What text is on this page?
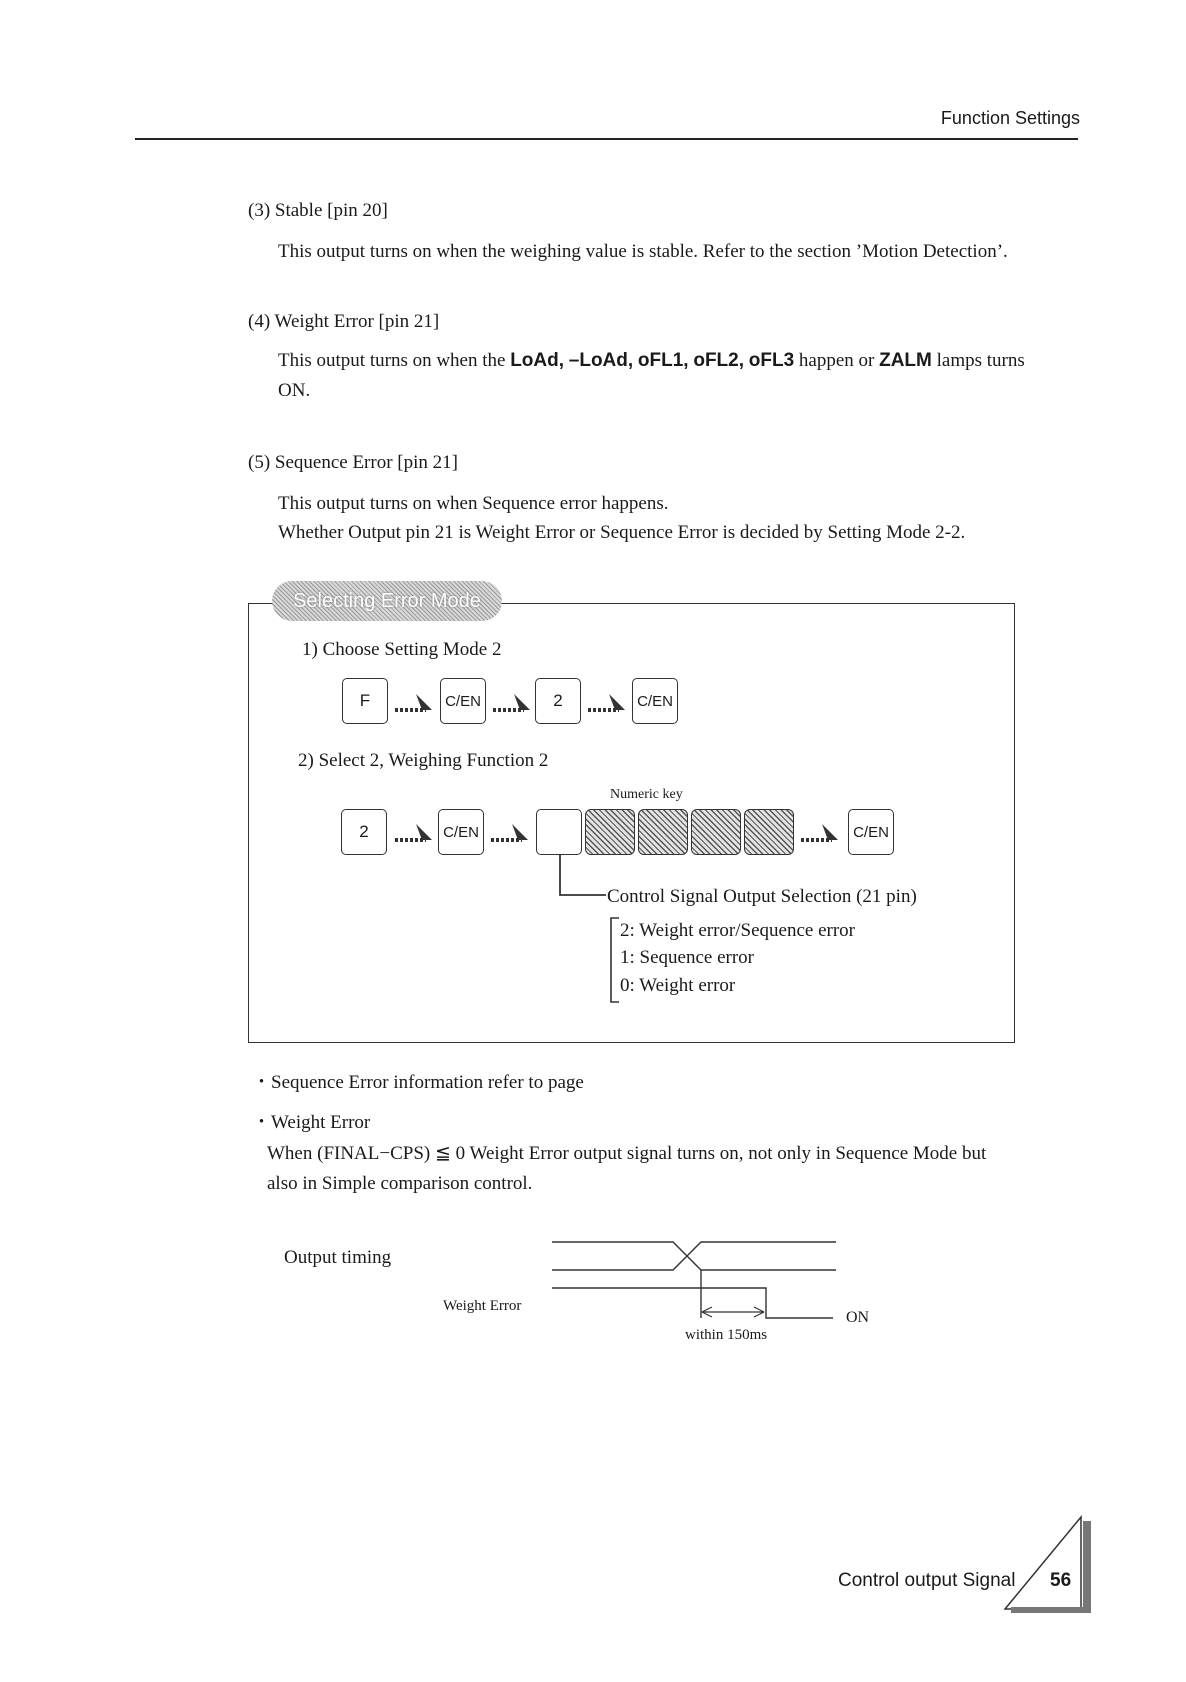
Function Settings
(3) Stable [pin 20]
This output turns on when the weighing value is stable. Refer to the section ’Motion Detection’.
(4) Weight Error [pin 21]
This output turns on when the LoAd, –LoAd, oFL1, oFL2, oFL3 happen or ZALM lamps turns
ON.
(5) Sequence Error [pin 21]
This output turns on when Sequence error happens.
Whether Output pin 21 is Weight Error or Sequence Error is decided by Setting Mode 2-2.
Selecting Error Mode
1) Choose Setting Mode 2
F	C/EN	2	C/EN
2) Select 2, Weighing Function 2
Numeric key
2	C/EN	C/EN
Control Signal Output Selection (21 pin)
2: Weight error/Sequence error
1: Sequence error
0: Weight error
・Sequence Error information refer to page
・Weight Error
When (FINAL−CPS) ≦ 0 Weight Error output signal turns on, not only in Sequence Mode but
also in Simple comparison control.
Output timing
Weight Error
ON
within 150ms
Control output Signal 56
